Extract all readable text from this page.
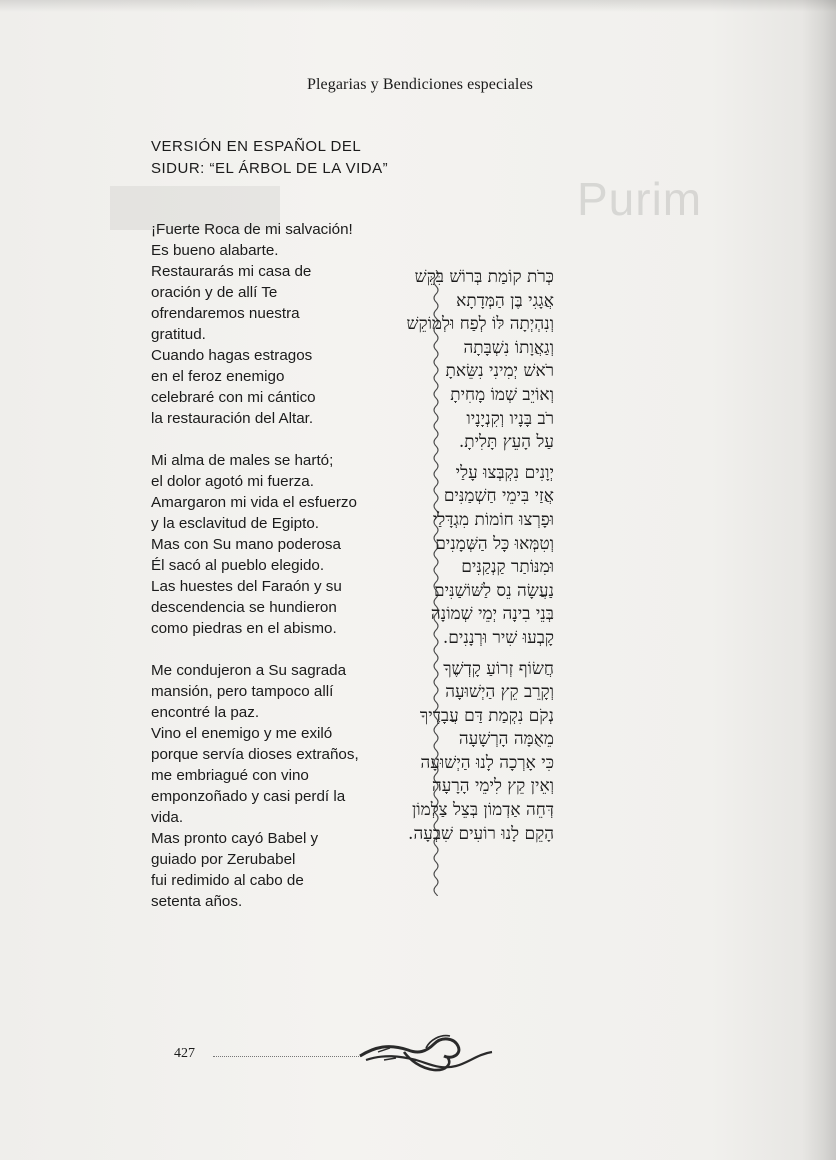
Purim
Plegarias y Bendiciones especiales
VERSIÓN EN ESPAÑOL DEL SIDUR: “EL ÁRBOL DE LA VIDA”
¡Fuerte Roca de mi salvación!
Es bueno alabarte.
Restaurarás mi casa de
oración y de allí Te
ofrendaremos nuestra
gratitud.
Cuando hagas estragos
en el feroz enemigo
celebraré con mi cántico
la restauración del Altar.
Mi alma de males se hartó;
el dolor agotó mi fuerza.
Amargaron mi vida el esfuerzo
y la esclavitud de Egipto.
Mas con Su mano poderosa
Él sacó al pueblo elegido.
Las huestes del Faraón y su
descendencia se hundieron
como piedras en el abismo.
Me condujeron a Su sagrada
mansión, pero tampoco allí
encontré la paz.
Vino el enemigo y me exiló
porque servía dioses extraños,
me embriagué con vino
emponzoñado y casi perdí la
vida.
Mas pronto cayó Babel y
guiado por Zerubabel
fui redimido al cabo de
setenta años.
כְּרֹת קוֹמַת בְּרוֹשׁ בִּקֵּשׁ
אֲגָגִי בֶּן הַמְּדָתָא
וְנִהְיְתָה לּוֹ לְפַח וּלְמוֹקֵשׁ
וְגַאֲוָתוֹ נִשְׁבָּתָה
רֹאשׁ יְמִינִי נִשֵּׂאתָ
וְאוֹיֵב שְׁמוֹ מָחִיתָ
רֹב בָּנָיו וְקִנְיָנָיו
עַל הָעֵץ תָּלִיתָ.
יְוָנִים נִקְבְּצוּ עָלַי
אֲזַי בִּימֵי חַשְׁמַנִּים
וּפָרְצוּ חוֹמוֹת מִגְדָּלַי
וְטִמְּאוּ כָּל הַשְּׁמָנִים
וּמִנּוֹתַר קַנְקַנִּים
נַעֲשָׂה נֵס לַשּׁוֹשַׁנִּים
בְּנֵי בִינָה יְמֵי שְׁמוֹנָה
קָבְעוּ שִׁיר וּרְנָנִים.
חֲשׂוֹף זְרוֹעַ קָדְשֶׁךָ
וְקָרֵב קֵץ הַיְשׁוּעָה
נְקֹם נִקְמַת דַּם עֲבָדֶיךָ
מֵאֻמָּה הָרְשָׁעָה
כִּי אָרְכָה לָנוּ הַיְשׁוּעָה
וְאֵין קֵץ לִימֵי הָרָעָה
דְּחֵה אַדְמוֹן בְּצֵל צַלְמוֹן
הָקֵם לָנוּ רוֹעִים שִׁבְעָה.
427
